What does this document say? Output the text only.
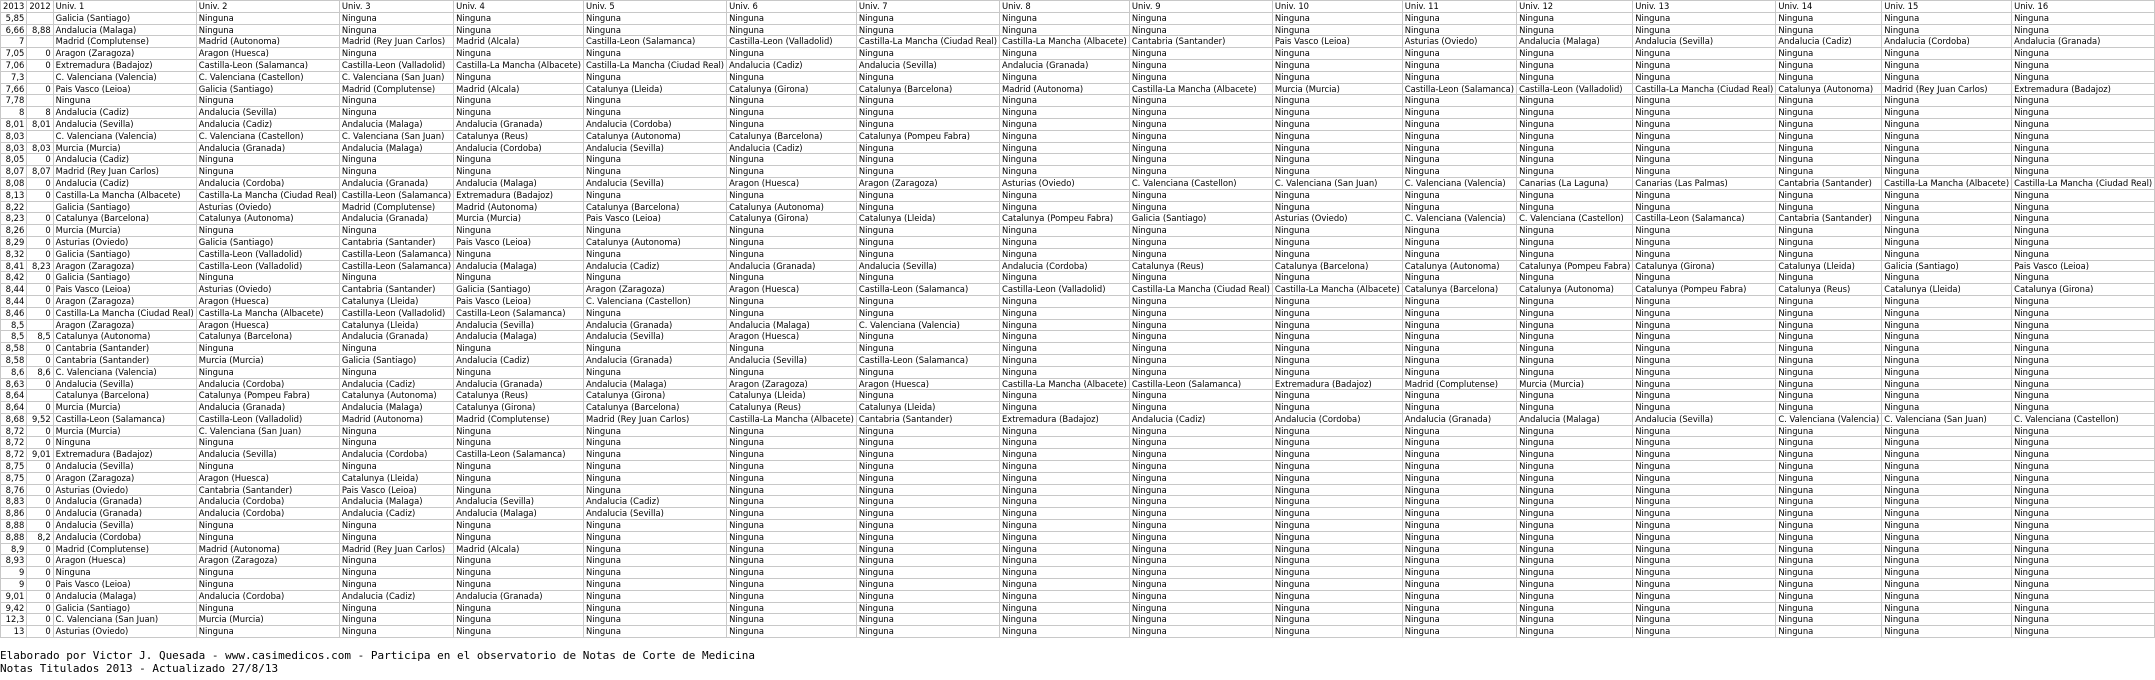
2013	2012	Univ. 1	Univ. 2	Univ. 3	Univ. 4	Univ. 5	Univ. 6	Univ. 7	Univ. 8	Univ. 9	Univ. 10	Univ. 11	Univ. 12	Univ. 13	Univ. 14	Univ. 15	Univ. 16
5,85		Galicia (Santiago)	Ninguna	Ninguna	Ninguna	Ninguna	Ninguna	Ninguna	Ninguna	Ninguna	Ninguna	Ninguna	Ninguna	Ninguna	Ninguna	Ninguna	Ninguna
6,66	8,88	Andalucia (Malaga)	Ninguna	Ninguna	Ninguna	Ninguna	Ninguna	Ninguna	Ninguna	Ninguna	Ninguna	Ninguna	Ninguna	Ninguna	Ninguna	Ninguna	Ninguna
7		Madrid (Complutense)	Madrid (Autonoma)	Madrid (Rey Juan Carlos)	Madrid (Alcala)	Castilla-Leon (Salamanca)	Castilla-Leon (Valladolid)	Castilla-La Mancha (Ciudad Real)	Castilla-La Mancha (Albacete)	Cantabria (Santander)	Pais Vasco (Leioa)	Asturias (Oviedo)	Andalucia (Malaga)	Andalucia (Sevilla)	Andalucia (Cadiz)	Andalucia (Cordoba)	Andalucia (Granada)
7,05	0	Aragon (Zaragoza)	Aragon (Huesca)	Ninguna	Ninguna	Ninguna	Ninguna	Ninguna	Ninguna	Ninguna	Ninguna	Ninguna	Ninguna	Ninguna	Ninguna	Ninguna	Ninguna
7,06	0	Extremadura (Badajoz)	Castilla-Leon (Salamanca)	Castilla-Leon (Valladolid)	Castilla-La Mancha (Albacete)	Castilla-La Mancha (Ciudad Real)	Andalucia (Cadiz)	Andalucia (Sevilla)	Andalucia (Granada)	Ninguna	Ninguna	Ninguna	Ninguna	Ninguna	Ninguna	Ninguna	Ninguna
7,3		C. Valenciana (Valencia)	C. Valenciana (Castellon)	C. Valenciana (San Juan)	Ninguna	Ninguna	Ninguna	Ninguna	Ninguna	Ninguna	Ninguna	Ninguna	Ninguna	Ninguna	Ninguna	Ninguna	Ninguna
7,66	0	Pais Vasco (Leioa)	Galicia (Santiago)	Madrid (Complutense)	Madrid (Alcala)	Catalunya (Lleida)	Catalunya (Girona)	Catalunya (Barcelona)	Madrid (Autonoma)	Castilla-La Mancha (Albacete)	Murcia (Murcia)	Castilla-Leon (Salamanca)	Castilla-Leon (Valladolid)	Castilla-La Mancha (Ciudad Real)	Catalunya (Autonoma)	Madrid (Rey Juan Carlos)	Extremadura (Badajoz)
7,78		Ninguna	Ninguna	Ninguna	Ninguna	Ninguna	Ninguna	Ninguna	Ninguna	Ninguna	Ninguna	Ninguna	Ninguna	Ninguna	Ninguna	Ninguna	Ninguna
8	8	Andalucia (Cadiz)	Andalucia (Sevilla)	Ninguna	Ninguna	Ninguna	Ninguna	Ninguna	Ninguna	Ninguna	Ninguna	Ninguna	Ninguna	Ninguna	Ninguna	Ninguna	Ninguna
8,01	8,01	Andalucia (Sevilla)	Andalucia (Cadiz)	Andalucia (Malaga)	Andalucia (Granada)	Andalucia (Cordoba)	Ninguna	Ninguna	Ninguna	Ninguna	Ninguna	Ninguna	Ninguna	Ninguna	Ninguna	Ninguna	Ninguna
8,03		C. Valenciana (Valencia)	C. Valenciana (Castellon)	C. Valenciana (San Juan)	Catalunya (Reus)	Catalunya (Autonoma)	Catalunya (Barcelona)	Catalunya (Pompeu Fabra)	Ninguna	Ninguna	Ninguna	Ninguna	Ninguna	Ninguna	Ninguna	Ninguna	Ninguna
8,03	8,03	Murcia (Murcia)	Andalucia (Granada)	Andalucia (Malaga)	Andalucia (Cordoba)	Andalucia (Sevilla)	Andalucia (Cadiz)	Ninguna	Ninguna	Ninguna	Ninguna	Ninguna	Ninguna	Ninguna	Ninguna	Ninguna	Ninguna
8,05	0	Andalucia (Cadiz)	Ninguna	Ninguna	Ninguna	Ninguna	Ninguna	Ninguna	Ninguna	Ninguna	Ninguna	Ninguna	Ninguna	Ninguna	Ninguna	Ninguna	Ninguna
8,07	8,07	Madrid (Rey Juan Carlos)	Ninguna	Ninguna	Ninguna	Ninguna	Ninguna	Ninguna	Ninguna	Ninguna	Ninguna	Ninguna	Ninguna	Ninguna	Ninguna	Ninguna	Ninguna
8,08	0	Andalucia (Cadiz)	Andalucia (Cordoba)	Andalucia (Granada)	Andalucia (Malaga)	Andalucia (Sevilla)	Aragon (Huesca)	Aragon (Zaragoza)	Asturias (Oviedo)	C. Valenciana (Castellon)	C. Valenciana (San Juan)	C. Valenciana (Valencia)	Canarias (La Laguna)	Canarias (Las Palmas)	Cantabria (Santander)	Castilla-La Mancha (Albacete)	Castilla-La Mancha (Ciudad Real)
8,13	0	Castilla-La Mancha (Albacete)	Castilla-La Mancha (Ciudad Real)	Castilla-Leon (Salamanca)	Extremadura (Badajoz)	Ninguna	Ninguna	Ninguna	Ninguna	Ninguna	Ninguna	Ninguna	Ninguna	Ninguna	Ninguna	Ninguna	Ninguna
8,22		Galicia (Santiago)	Asturias (Oviedo)	Madrid (Complutense)	Madrid (Autonoma)	Catalunya (Barcelona)	Catalunya (Autonoma)	Ninguna	Ninguna	Ninguna	Ninguna	Ninguna	Ninguna	Ninguna	Ninguna	Ninguna	Ninguna
8,23	0	Catalunya (Barcelona)	Catalunya (Autonoma)	Andalucia (Granada)	Murcia (Murcia)	Pais Vasco (Leioa)	Catalunya (Girona)	Catalunya (Lleida)	Catalunya (Pompeu Fabra)	Galicia (Santiago)	Asturias (Oviedo)	C. Valenciana (Valencia)	C. Valenciana (Castellon)	Castilla-Leon (Salamanca)	Cantabria (Santander)	Ninguna	Ninguna
8,26	0	Murcia (Murcia)	Ninguna	Ninguna	Ninguna	Ninguna	Ninguna	Ninguna	Ninguna	Ninguna	Ninguna	Ninguna	Ninguna	Ninguna	Ninguna	Ninguna	Ninguna
8,29	0	Asturias (Oviedo)	Galicia (Santiago)	Cantabria (Santander)	Pais Vasco (Leioa)	Catalunya (Autonoma)	Ninguna	Ninguna	Ninguna	Ninguna	Ninguna	Ninguna	Ninguna	Ninguna	Ninguna	Ninguna	Ninguna
8,32	0	Galicia (Santiago)	Castilla-Leon (Valladolid)	Castilla-Leon (Salamanca)	Ninguna	Ninguna	Ninguna	Ninguna	Ninguna	Ninguna	Ninguna	Ninguna	Ninguna	Ninguna	Ninguna	Ninguna	Ninguna
8,41	8,23	Aragon (Zaragoza)	Castilla-Leon (Valladolid)	Castilla-Leon (Salamanca)	Andalucia (Malaga)	Andalucia (Cadiz)	Andalucia (Granada)	Andalucia (Sevilla)	Andalucia (Cordoba)	Catalunya (Reus)	Catalunya (Barcelona)	Catalunya (Autonoma)	Catalunya (Pompeu Fabra)	Catalunya (Girona)	Catalunya (Lleida)	Galicia (Santiago)	Pais Vasco (Leioa)
8,42	0	Galicia (Santiago)	Ninguna	Ninguna	Ninguna	Ninguna	Ninguna	Ninguna	Ninguna	Ninguna	Ninguna	Ninguna	Ninguna	Ninguna	Ninguna	Ninguna	Ninguna
8,44	0	Pais Vasco (Leioa)	Asturias (Oviedo)	Cantabria (Santander)	Galicia (Santiago)	Aragon (Zaragoza)	Aragon (Huesca)	Castilla-Leon (Salamanca)	Castilla-Leon (Valladolid)	Castilla-La Mancha (Ciudad Real)	Castilla-La Mancha (Albacete)	Catalunya (Barcelona)	Catalunya (Autonoma)	Catalunya (Pompeu Fabra)	Catalunya (Reus)	Catalunya (Lleida)	Catalunya (Girona)
8,44	0	Aragon (Zaragoza)	Aragon (Huesca)	Catalunya (Lleida)	Pais Vasco (Leioa)	C. Valenciana (Castellon)	Ninguna	Ninguna	Ninguna	Ninguna	Ninguna	Ninguna	Ninguna	Ninguna	Ninguna	Ninguna	Ninguna
8,46	0	Castilla-La Mancha (Ciudad Real)	Castilla-La Mancha (Albacete)	Castilla-Leon (Valladolid)	Castilla-Leon (Salamanca)	Ninguna	Ninguna	Ninguna	Ninguna	Ninguna	Ninguna	Ninguna	Ninguna	Ninguna	Ninguna	Ninguna	Ninguna
8,5		Aragon (Zaragoza)	Aragon (Huesca)	Catalunya (Lleida)	Andalucia (Sevilla)	Andalucia (Granada)	Andalucia (Malaga)	C. Valenciana (Valencia)	Ninguna	Ninguna	Ninguna	Ninguna	Ninguna	Ninguna	Ninguna	Ninguna	Ninguna
8,5	8,5	Catalunya (Autonoma)	Catalunya (Barcelona)	Andalucia (Granada)	Andalucia (Malaga)	Andalucia (Sevilla)	Aragon (Huesca)	Ninguna	Ninguna	Ninguna	Ninguna	Ninguna	Ninguna	Ninguna	Ninguna	Ninguna	Ninguna
8,58	0	Cantabria (Santander)	Ninguna	Ninguna	Ninguna	Ninguna	Ninguna	Ninguna	Ninguna	Ninguna	Ninguna	Ninguna	Ninguna	Ninguna	Ninguna	Ninguna	Ninguna
8,58	0	Cantabria (Santander)	Murcia (Murcia)	Galicia (Santiago)	Andalucia (Cadiz)	Andalucia (Granada)	Andalucia (Sevilla)	Castilla-Leon (Salamanca)	Ninguna	Ninguna	Ninguna	Ninguna	Ninguna	Ninguna	Ninguna	Ninguna	Ninguna
8,6	8,6	C. Valenciana (Valencia)	Ninguna	Ninguna	Ninguna	Ninguna	Ninguna	Ninguna	Ninguna	Ninguna	Ninguna	Ninguna	Ninguna	Ninguna	Ninguna	Ninguna	Ninguna
8,63	0	Andalucia (Sevilla)	Andalucia (Cordoba)	Andalucia (Cadiz)	Andalucia (Granada)	Andalucia (Malaga)	Aragon (Zaragoza)	Aragon (Huesca)	Castilla-La Mancha (Albacete)	Castilla-Leon (Salamanca)	Extremadura (Badajoz)	Madrid (Complutense)	Murcia (Murcia)	Ninguna	Ninguna	Ninguna	Ninguna
8,64		Catalunya (Barcelona)	Catalunya (Pompeu Fabra)	Catalunya (Autonoma)	Catalunya (Reus)	Catalunya (Girona)	Catalunya (Lleida)	Ninguna	Ninguna	Ninguna	Ninguna	Ninguna	Ninguna	Ninguna	Ninguna	Ninguna	Ninguna
8,64	0	Murcia (Murcia)	Andalucia (Granada)	Andalucia (Malaga)	Catalunya (Girona)	Catalunya (Barcelona)	Catalunya (Reus)	Catalunya (Lleida)	Ninguna	Ninguna	Ninguna	Ninguna	Ninguna	Ninguna	Ninguna	Ninguna	Ninguna
8,68	9,52	Castilla-Leon (Salamanca)	Castilla-Leon (Valladolid)	Madrid (Autonoma)	Madrid (Complutense)	Madrid (Rey Juan Carlos)	Castilla-La Mancha (Albacete)	Cantabria (Santander)	Extremadura (Badajoz)	Andalucia (Cadiz)	Andalucia (Cordoba)	Andalucia (Granada)	Andalucia (Malaga)	Andalucia (Sevilla)	C. Valenciana (Valencia)	C. Valenciana (San Juan)	C. Valenciana (Castellon)
8,72	0	Murcia (Murcia)	C. Valenciana (San Juan)	Ninguna	Ninguna	Ninguna	Ninguna	Ninguna	Ninguna	Ninguna	Ninguna	Ninguna	Ninguna	Ninguna	Ninguna	Ninguna	Ninguna
8,72	0	Ninguna	Ninguna	Ninguna	Ninguna	Ninguna	Ninguna	Ninguna	Ninguna	Ninguna	Ninguna	Ninguna	Ninguna	Ninguna	Ninguna	Ninguna	Ninguna
8,72	9,01	Extremadura (Badajoz)	Andalucia (Sevilla)	Andalucia (Cordoba)	Castilla-Leon (Salamanca)	Ninguna	Ninguna	Ninguna	Ninguna	Ninguna	Ninguna	Ninguna	Ninguna	Ninguna	Ninguna	Ninguna	Ninguna
8,75	0	Andalucia (Sevilla)	Ninguna	Ninguna	Ninguna	Ninguna	Ninguna	Ninguna	Ninguna	Ninguna	Ninguna	Ninguna	Ninguna	Ninguna	Ninguna	Ninguna	Ninguna
8,75	0	Aragon (Zaragoza)	Aragon (Huesca)	Catalunya (Lleida)	Ninguna	Ninguna	Ninguna	Ninguna	Ninguna	Ninguna	Ninguna	Ninguna	Ninguna	Ninguna	Ninguna	Ninguna	Ninguna
8,76	0	Asturias (Oviedo)	Cantabria (Santander)	Pais Vasco (Leioa)	Ninguna	Ninguna	Ninguna	Ninguna	Ninguna	Ninguna	Ninguna	Ninguna	Ninguna	Ninguna	Ninguna	Ninguna	Ninguna
8,83	0	Andalucia (Granada)	Andalucia (Cordoba)	Andalucia (Malaga)	Andalucia (Sevilla)	Andalucia (Cadiz)	Ninguna	Ninguna	Ninguna	Ninguna	Ninguna	Ninguna	Ninguna	Ninguna	Ninguna	Ninguna	Ninguna
8,86	0	Andalucia (Granada)	Andalucia (Cordoba)	Andalucia (Cadiz)	Andalucia (Malaga)	Andalucia (Sevilla)	Ninguna	Ninguna	Ninguna	Ninguna	Ninguna	Ninguna	Ninguna	Ninguna	Ninguna	Ninguna	Ninguna
8,88	0	Andalucia (Sevilla)	Ninguna	Ninguna	Ninguna	Ninguna	Ninguna	Ninguna	Ninguna	Ninguna	Ninguna	Ninguna	Ninguna	Ninguna	Ninguna	Ninguna	Ninguna
8,88	8,2	Andalucia (Cordoba)	Ninguna	Ninguna	Ninguna	Ninguna	Ninguna	Ninguna	Ninguna	Ninguna	Ninguna	Ninguna	Ninguna	Ninguna	Ninguna	Ninguna	Ninguna
8,9	0	Madrid (Complutense)	Madrid (Autonoma)	Madrid (Rey Juan Carlos)	Madrid (Alcala)	Ninguna	Ninguna	Ninguna	Ninguna	Ninguna	Ninguna	Ninguna	Ninguna	Ninguna	Ninguna	Ninguna	Ninguna
8,93	0	Aragon (Huesca)	Aragon (Zaragoza)	Ninguna	Ninguna	Ninguna	Ninguna	Ninguna	Ninguna	Ninguna	Ninguna	Ninguna	Ninguna	Ninguna	Ninguna	Ninguna	Ninguna
9	0	Ninguna	Ninguna	Ninguna	Ninguna	Ninguna	Ninguna	Ninguna	Ninguna	Ninguna	Ninguna	Ninguna	Ninguna	Ninguna	Ninguna	Ninguna	Ninguna
9	0	Pais Vasco (Leioa)	Ninguna	Ninguna	Ninguna	Ninguna	Ninguna	Ninguna	Ninguna	Ninguna	Ninguna	Ninguna	Ninguna	Ninguna	Ninguna	Ninguna	Ninguna
9,01	0	Andalucia (Malaga)	Andalucia (Cordoba)	Andalucia (Cadiz)	Andalucia (Granada)	Ninguna	Ninguna	Ninguna	Ninguna	Ninguna	Ninguna	Ninguna	Ninguna	Ninguna	Ninguna	Ninguna	Ninguna
9,42	0	Galicia (Santiago)	Ninguna	Ninguna	Ninguna	Ninguna	Ninguna	Ninguna	Ninguna	Ninguna	Ninguna	Ninguna	Ninguna	Ninguna	Ninguna	Ninguna	Ninguna
12,3	0	C. Valenciana (San Juan)	Murcia (Murcia)	Ninguna	Ninguna	Ninguna	Ninguna	Ninguna	Ninguna	Ninguna	Ninguna	Ninguna	Ninguna	Ninguna	Ninguna	Ninguna	Ninguna
13	0	Asturias (Oviedo)	Ninguna	Ninguna	Ninguna	Ninguna	Ninguna	Ninguna	Ninguna	Ninguna	Ninguna	Ninguna	Ninguna	Ninguna	Ninguna	Ninguna	Ninguna
Elaborado por Victor J. Quesada - www.casimedicos.com - Participa en el observatorio de Notas de Corte de Medicina
Notas Titulados 2013 - Actualizado 27/8/13
